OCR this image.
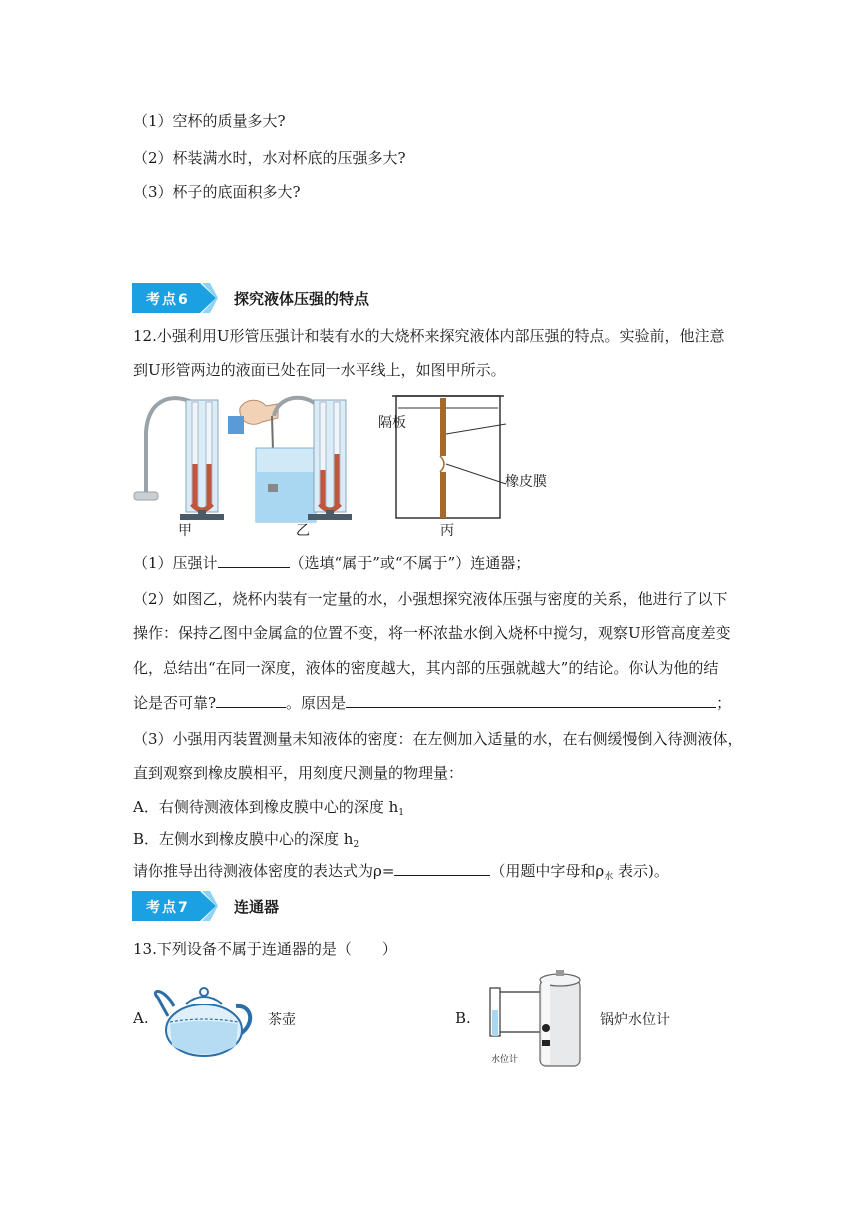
（1）空杯的质量多大?
（2）杯装满水时，水对杯底的压强多大?
（3）杯子的底面积多大?
考点6	探究液体压强的特点
12.小强利用U形管压强计和装有水的大烧杯来探究液体内部压强的特点。实验前，他注意
到U形管两边的液面已处在同一水平线上，如图甲所示。
隔板
甲	乙	丙
橡皮膜
（1）压强计	（选填“属于”或“不属于”）连通器；
（2）如图乙，烧杯内装有一定量的水，小强想探究液体压强与密度的关系，他进行了以下
操作：保持乙图中金属盒的位置不变，将一杯浓盐水倒入烧杯中搅匀，观察U形管高度差变
化，总结出“在同一深度，液体的密度越大，其内部的压强就越大”的结论。你认为他的结
论是否可靠?	。原因是	；
（3）小强用丙装置测量未知液体的密度：在左侧加入适量的水，在右侧缓慢倒入待测液体，
直到观察到橡皮膜相平，用刻度尺测量的物理量：
A．右侧待测液体到橡皮膜中心的深度 $h_1$
B．左侧水到橡皮膜中心的深度 $h_2$
请你推导出待测液体密度的表达式为ρ=	（用题中字母和$\rho_水$ 表示)。
考点7	连通器
13.下列设备不属于连通器的是（　　）
A.	茶壶	B.
水位计
锅炉水位计
